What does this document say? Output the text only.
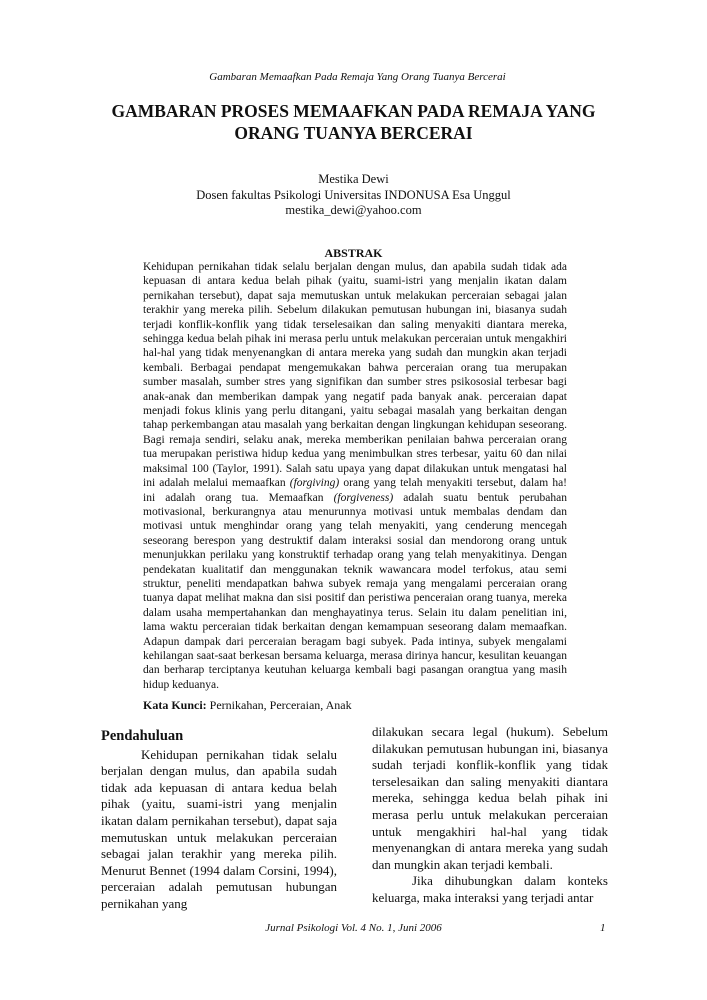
Gambaran Memaafkan Pada Remaja Yang Orang Tuanya Bercerai
GAMBARAN PROSES MEMAAFKAN PADA REMAJA YANG ORANG TUANYA BERCERAI
Mestika Dewi
Dosen fakultas Psikologi Universitas INDONUSA Esa Unggul
mestika_dewi@yahoo.com
ABSTRAK

Kehidupan pernikahan tidak selalu berjalan dengan mulus, dan apabila sudah tidak ada kepuasan di antara kedua belah pihak (yaitu, suami-istri yang menjalin ikatan dalam pernikahan tersebut), dapat saja memutuskan untuk melakukan perceraian sebagai jalan terakhir yang mereka pilih. Sebelum dilakukan pemutusan hubungan ini, biasanya sudah terjadi konflik-konflik yang tidak terselesaikan dan saling menyakiti diantara mereka, sehingga kedua belah pihak ini merasa perlu untuk melakukan perceraian untuk mengakhiri hal-hal yang tidak menyenangkan di antara mereka yang sudah dan mungkin akan terjadi kembali. Berbagai pendapat mengemukakan bahwa perceraian orang tua merupakan sumber masalah, sumber stres yang signifikan dan sumber stres psikososial terbesar bagi anak-anak dan memberikan dampak yang negatif pada banyak anak. perceraian dapat menjadi fokus klinis yang perlu ditangani, yaitu sebagai masalah yang berkaitan dengan tahap perkembangan atau masalah yang berkaitan dengan lingkungan kehidupan seseorang. Bagi remaja sendiri, selaku anak, mereka memberikan penilaian bahwa perceraian orang tua merupakan peristiwa hidup kedua yang menimbulkan stres terbesar, yaitu 60 dan nilai maksimal 100 (Taylor, 1991). Salah satu upaya yang dapat dilakukan untuk mengatasi hal ini adalah melalui memaafkan (forgiving) orang yang telah menyakiti tersebut, dalam ha! ini adalah orang tua. Memaafkan (forgiveness) adalah suatu bentuk perubahan motivasional, berkurangnya atau menurunnya motivasi untuk membalas dendam dan motivasi untuk menghindar orang yang telah menyakiti, yang cenderung mencegah seseorang berespon yang destruktif dalam interaksi sosial dan mendorong orang untuk menunjukkan perilaku yang konstruktif terhadap orang yang telah menyakitinya. Dengan pendekatan kualitatif dan menggunakan teknik wawancara model terfokus, atau semi struktur, peneliti mendapatkan bahwa subyek remaja yang mengalami perceraian orang tuanya dapat melihat makna dan sisi positif dan peristiwa penceraian orang tuanya, mereka dalam usaha mempertahankan dan menghayatinya terus. Selain itu dalam penelitian ini, lama waktu perceraian tidak berkaitan dengan kemampuan seseorang dalam memaafkan. Adapun dampak dari perceraian beragam bagi subyek. Pada intinya, subyek mengalami kehilangan saat-saat berkesan bersama keluarga, merasa dirinya hancur, kesulitan keuangan dan berharap terciptanya keutuhan keluarga kembali bagi pasangan orangtua yang masih hidup keduanya.

Kata Kunci: Pernikahan, Perceraian, Anak
Pendahuluan

Kehidupan pernikahan tidak selalu berjalan dengan mulus, dan apabila sudah tidak ada kepuasan di antara kedua belah pihak (yaitu, suami-istri yang menjalin ikatan dalam pernikahan tersebut), dapat saja memutuskan untuk melakukan perceraian sebagai jalan terakhir yang mereka pilih. Menurut Bennet (1994 dalam Corsini, 1994), perceraian adalah pemutusan hubungan pernikahan yang

dilakukan secara legal (hukum). Sebelum dilakukan pemutusan hubungan ini, biasanya sudah terjadi konflik-konflik yang tidak terselesaikan dan saling menyakiti diantara mereka, sehingga kedua belah pihak ini merasa perlu untuk melakukan perceraian untuk mengakhiri hal-hal yang tidak menyenangkan di antara mereka yang sudah dan mungkin akan terjadi kembali.

Jika dihubungkan dalam konteks keluarga, maka interaksi yang terjadi antar

Jurnal Psikologi Vol. 4 No. 1, Juni 2006	1
